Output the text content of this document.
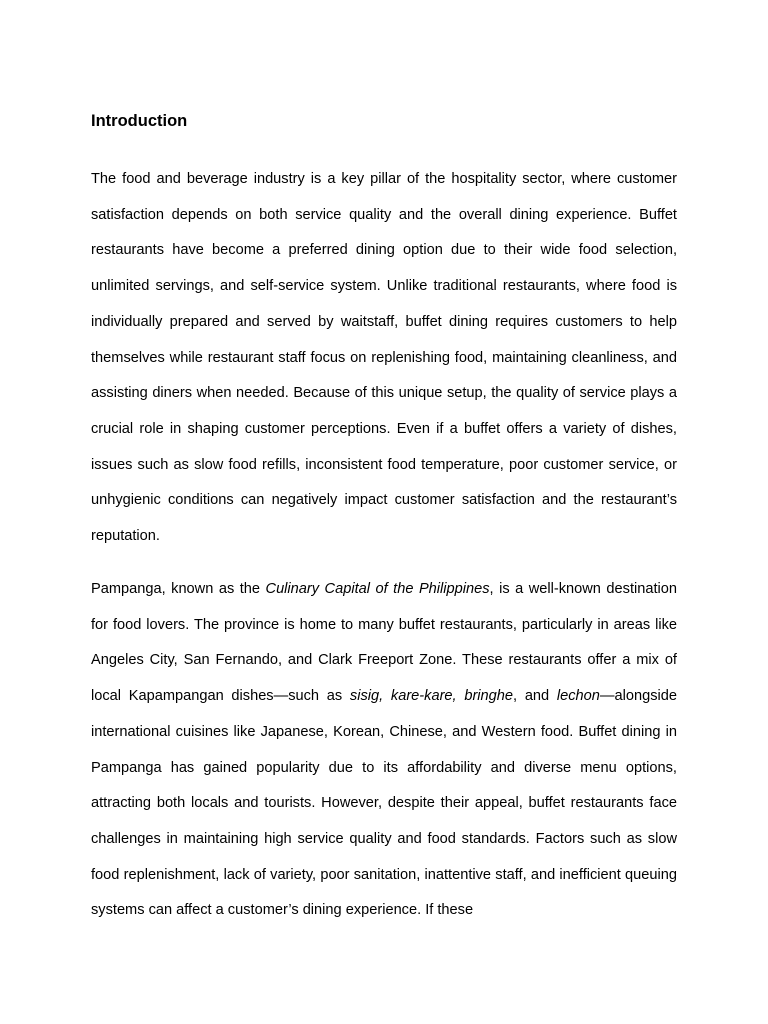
Introduction

The food and beverage industry is a key pillar of the hospitality sector, where customer satisfaction depends on both service quality and the overall dining experience. Buffet restaurants have become a preferred dining option due to their wide food selection, unlimited servings, and self-service system. Unlike traditional restaurants, where food is individually prepared and served by waitstaff, buffet dining requires customers to help themselves while restaurant staff focus on replenishing food, maintaining cleanliness, and assisting diners when needed. Because of this unique setup, the quality of service plays a crucial role in shaping customer perceptions. Even if a buffet offers a variety of dishes, issues such as slow food refills, inconsistent food temperature, poor customer service, or unhygienic conditions can negatively impact customer satisfaction and the restaurant’s reputation.

Pampanga, known as the Culinary Capital of the Philippines, is a well-known destination for food lovers. The province is home to many buffet restaurants, particularly in areas like Angeles City, San Fernando, and Clark Freeport Zone. These restaurants offer a mix of local Kapampangan dishes—such as sisig, kare-kare, bringhe, and lechon—alongside international cuisines like Japanese, Korean, Chinese, and Western food. Buffet dining in Pampanga has gained popularity due to its affordability and diverse menu options, attracting both locals and tourists. However, despite their appeal, buffet restaurants face challenges in maintaining high service quality and food standards. Factors such as slow food replenishment, lack of variety, poor sanitation, inattentive staff, and inefficient queuing systems can affect a customer’s dining experience. If these
